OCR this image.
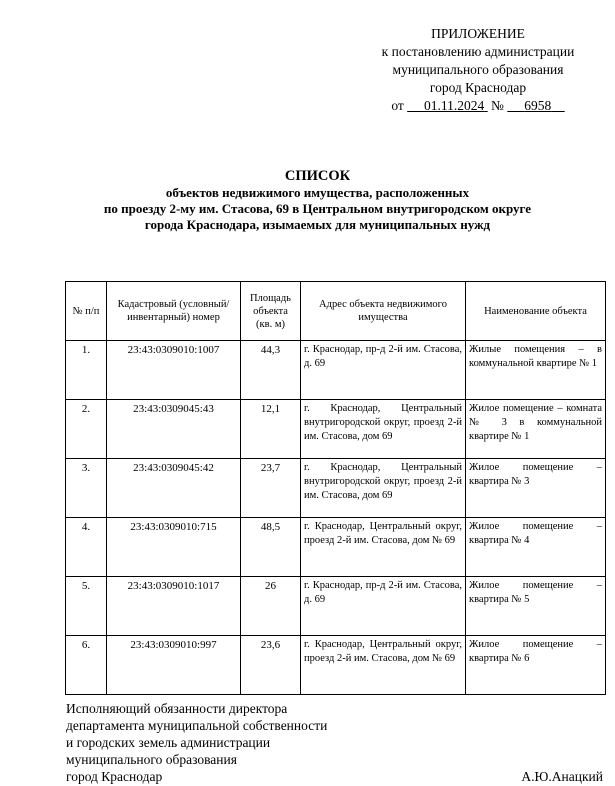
ПРИЛОЖЕНИЕ
к постановлению администрации
муниципального образования
город Краснодар
от 01.11.2024 № 6958
СПИСОК
объектов недвижимого имущества, расположенных
по проезду 2-му им. Стасова, 69 в Центральном внутригородском округе
города Краснодара, изымаемых для муниципальных нужд
№ п/п	Кадастровый (условный/ инвентарный) номер	Площадь объекта (кв. м)	Адрес объекта недвижимого имущества	Наименование объекта
1.	23:43:0309010:1007	44,3	г. Краснодар, пр-д 2-й им. Стасова, д. 69	Жилые помещения – в коммунальной квартире № 1
2.	23:43:0309045:43	12,1	г. Краснодар, Центральный внутригородской округ, проезд 2-й им. Стасова, дом 69	Жилое помещение – комната № 3 в коммунальной квартире № 1
3.	23:43:0309045:42	23,7	г. Краснодар, Центральный внутригородской округ, проезд 2-й им. Стасова, дом 69	Жилое помещение – квартира № 3
4.	23:43:0309010:715	48,5	г. Краснодар, Центральный округ, проезд 2-й им. Стасова, дом № 69	Жилое помещение – квартира № 4
5.	23:43:0309010:1017	26	г. Краснодар, пр-д 2-й им. Стасова, д. 69	Жилое помещение – квартира № 5
6.	23:43:0309010:997	23,6	г. Краснодар, Центральный округ, проезд 2-й им. Стасова, дом № 69	Жилое помещение – квартира № 6
Исполняющий обязанности директора
департамента муниципальной собственности
и городских земель администрации
муниципального образования
город Краснодар	А.Ю.Анацкий
